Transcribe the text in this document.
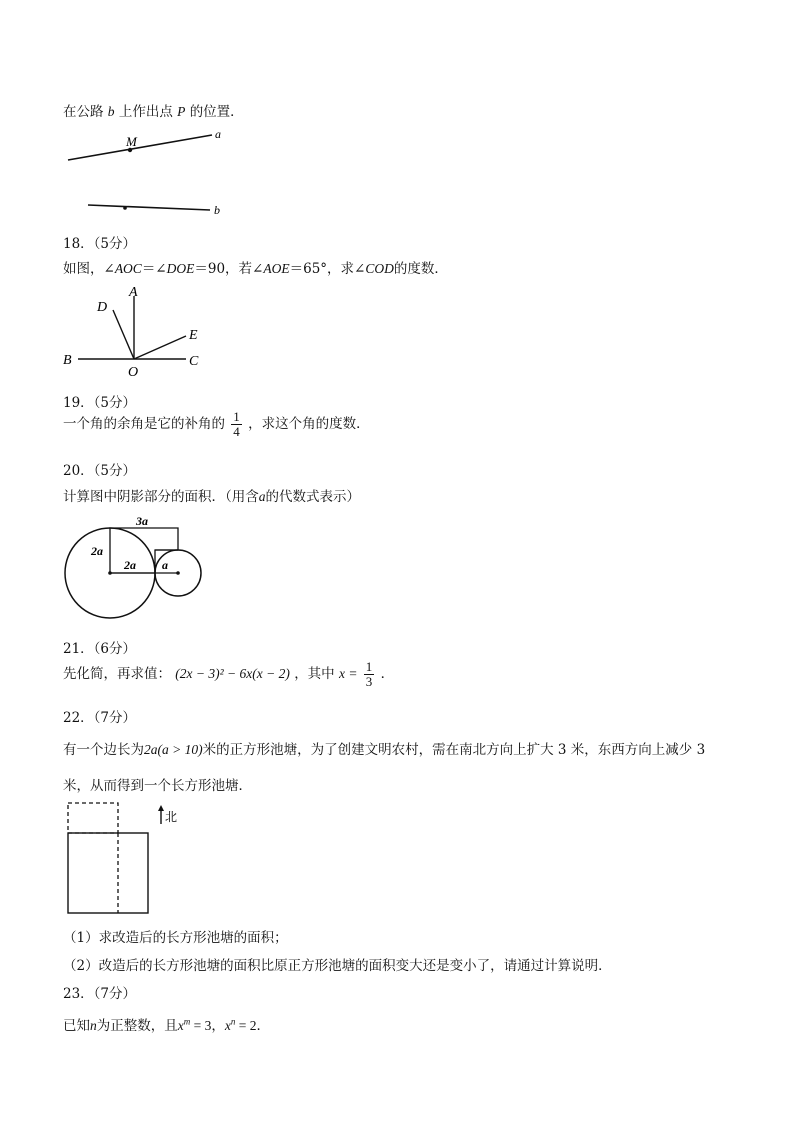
在公路 b 上作出点 P 的位置．
M	a
b
18．（5分）
如图，∠AOC＝∠DOE＝90，若∠AOE＝65°，求∠COD的度数．
D
A
E
B
O
C
19．（5分）
一个角的余角是它的补角的 $\frac{1}{4}$ ，求这个角的度数．
20．（5分）
计算图中阴影部分的面积．（用含a的代数式表示）
3a
2a
2a a
21．（6分）
先化简，再求值： (2x − 3)² − 6x(x − 2) ，其中 $x = \frac{1}{3}$ ．
22．（7分）
有一个边长为2a(a > 10)米的正方形池塘，为了创建文明农村，需在南北方向上扩大 3 米，东西方向上减少 3
米，从而得到一个长方形池塘．
北
（1）求改造后的长方形池塘的面积；
（2）改造后的长方形池塘的面积比原正方形池塘的面积变大还是变小了，请通过计算说明．
23．（7分）
已知n为正整数，且$x^m = 3$，$x^n = 2$．
